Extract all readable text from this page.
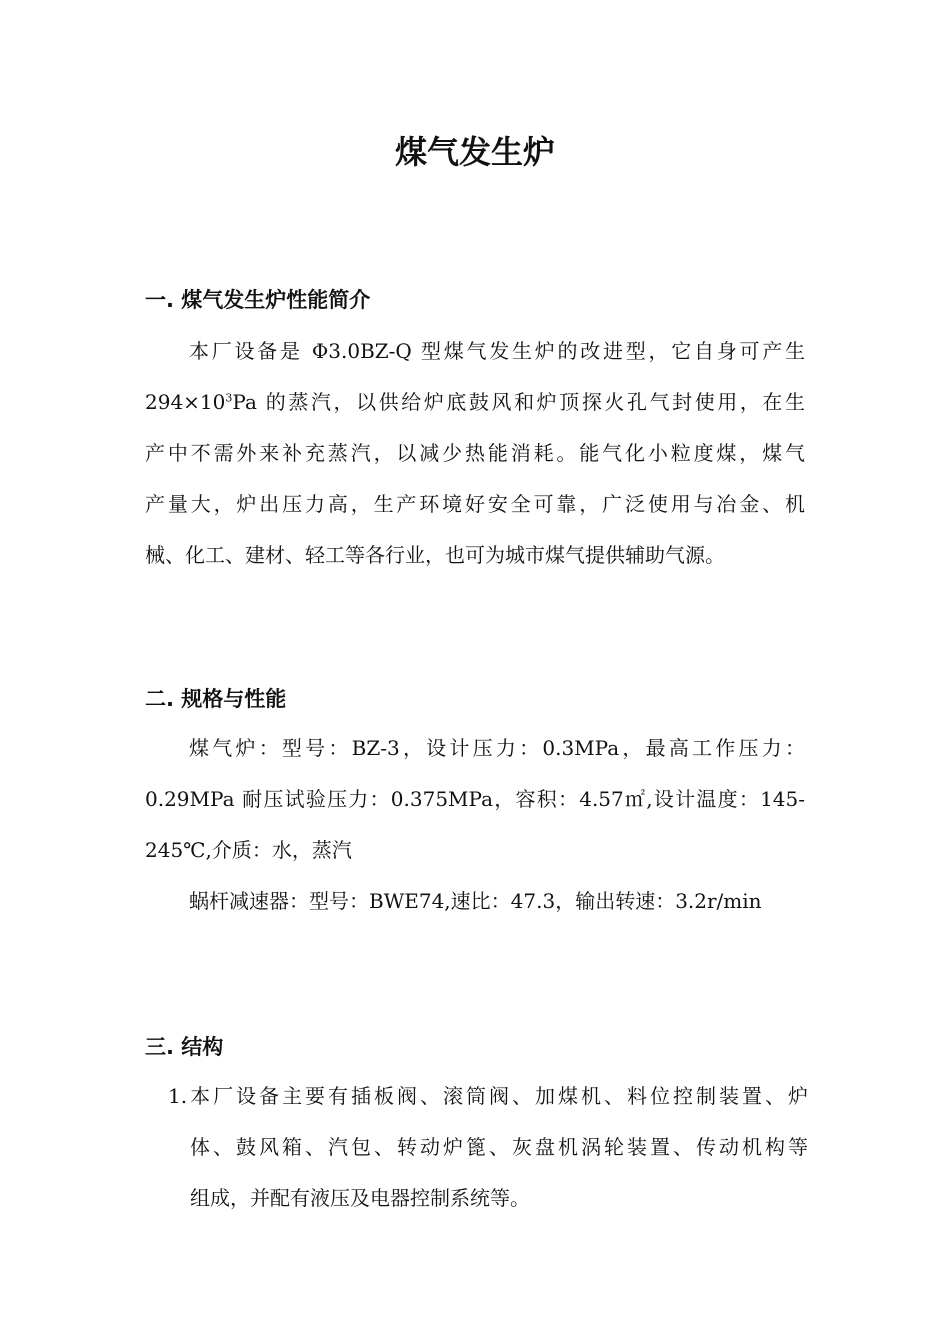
煤气发生炉
一. 煤气发生炉性能简介
本厂设备是 Φ3.0BZ-Q 型煤气发生炉的改进型，它自身可产生
$294\times 10^3Pa$ 的蒸汽，以供给炉底鼓风和炉顶探火孔气封使用，在生
产中不需外来补充蒸汽，以减少热能消耗。能气化小粒度煤，煤气
产量大，炉出压力高，生产环境好安全可靠，广泛使用与冶金、机
械、化工、建材、轻工等各行业，也可为城市煤气提供辅助气源。
二. 规格与性能
煤气炉：型号：BZ-3，设计压力：0.3MPa，最高工作压力：
0.29MPa 耐压试验压力：0.375MPa，容积：4.57㎡,设计温度：145-
245℃,介质：水，蒸汽
蜗杆减速器：型号：BWE74,速比：47.3，输出转速：3.2r/min
三. 结构
1.本厂设备主要有插板阀、滚筒阀、加煤机、料位控制装置、炉
体、鼓风箱、汽包、转动炉篦、灰盘机涡轮装置、传动机构等
组成，并配有液压及电器控制系统等。
